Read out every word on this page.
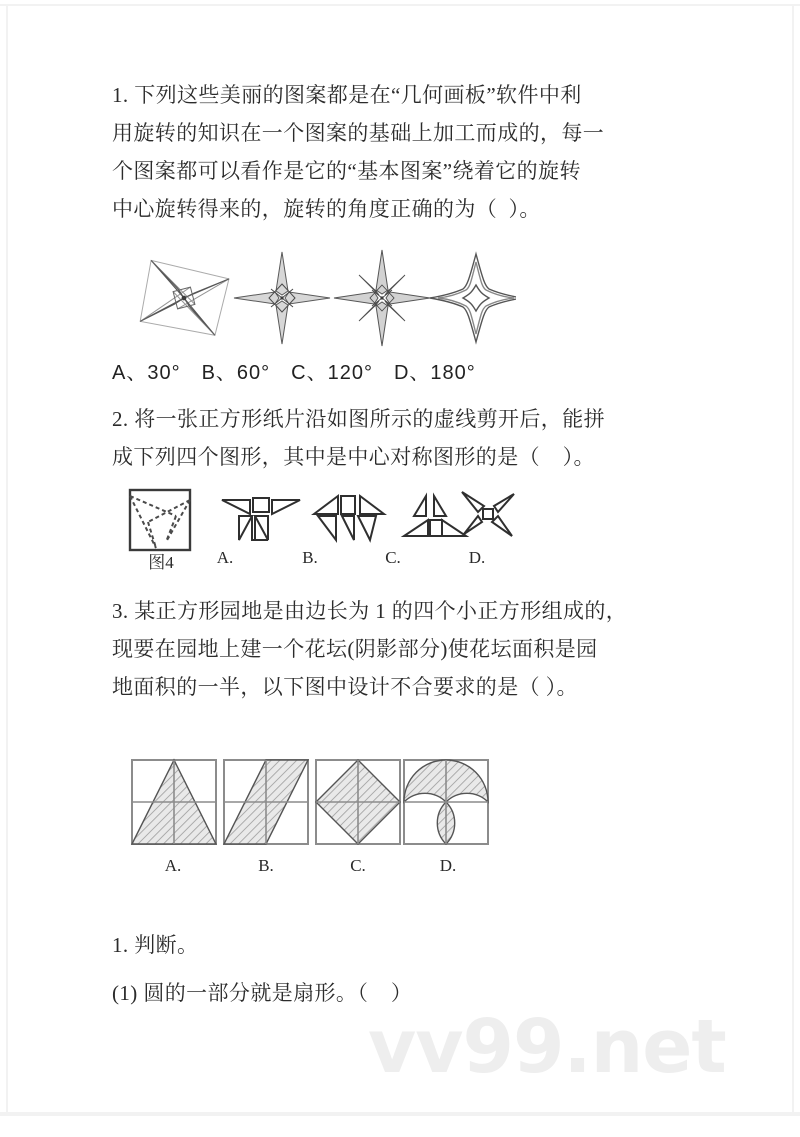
1. 下列这些美丽的图案都是在“几何画板”软件中利
用旋转的知识在一个图案的基础上加工而成的，每一
个图案都可以看作是它的“基本图案”绕着它的旋转
中心旋转得来的，旋转的角度正确的为（  ）。
A、30°　B、60°　C、120°　D、180°
2. 将一张正方形纸片沿如图所示的虚线剪开后，能拼
成下列四个图形，其中是中心对称图形的是（    ）。
图4	A.	B.	C.	D.
3. 某正方形园地是由边长为 1 的四个小正方形组成的，
现要在园地上建一个花坛(阴影部分)使花坛面积是园
地面积的一半，以下图中设计不合要求的是（ ）。
A.	B.	C.	D.
1. 判断。
(1) 圆的一部分就是扇形。（    ）
vv99.net
